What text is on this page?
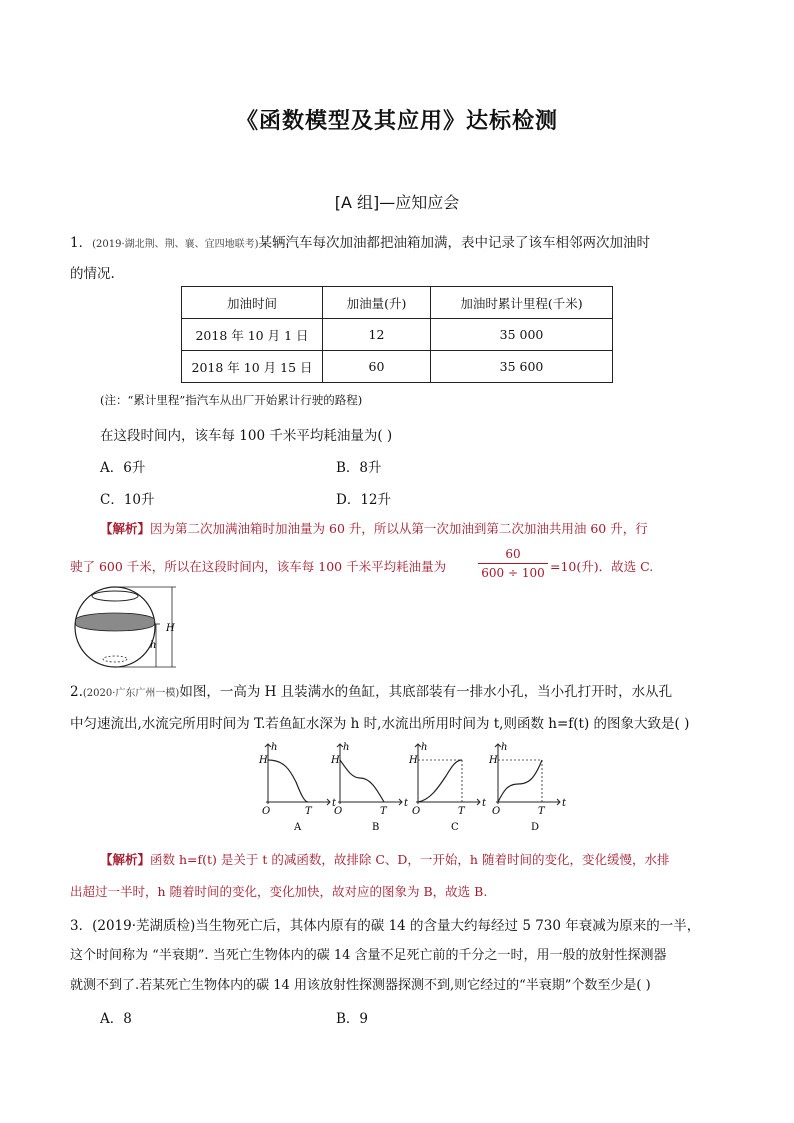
《函数模型及其应用》达标检测
[A 组]—应知应会
1．(2019·湖北荆、荆、襄、宜四地联考)某辆汽车每次加油都把油箱加满，表中记录了该车相邻两次加油时
的情况.
加油时间	加油量(升)	加油时累计里程(千米)
2018 年 10 月 1 日	12	35 000
2018 年 10 月 15 日	60	35 600
(注：“累计里程”指汽车从出厂开始累计行驶的路程)
在这段时间内，该车每 100 千米平均耗油量为( )
A．6升	B．8升
C．10升	D．12升
【解析】因为第二次加满油箱时加油量为 60 升，所以从第一次加油到第二次加油共用油 60 升，行
驶了 600 千米，所以在这段时间内，该车每 100 千米平均耗油量为
60
600 ÷ 100 =10(升)．故选 C.
H
h
2.(2020·广东广州一模)如图，一高为 H 且装满水的鱼缸，其底部装有一排水小孔，当小孔打开时，水从孔
中匀速流出,水流完所用时间为 T.若鱼缸水深为 h 时,水流出所用时间为 t,则函数 h=f(t) 的图象大致是( )
h
t
H
O	T
A
h
t
H
O	T
B
h
t
H
O	T
C
h
t
H
O	T
D
【解析】函数 h=f(t) 是关于 t 的减函数，故排除 C、D，一开始，h 随着时间的变化，变化缓慢，水排
出超过一半时，h 随着时间的变化，变化加快，故对应的图象为 B，故选 B.
3．(2019·芜湖质检)当生物死亡后，其体内原有的碳 14 的含量大约每经过 5 730 年衰减为原来的一半，
这个时间称为 “半衰期”. 当死亡生物体内的碳 14 含量不足死亡前的千分之一时，用一般的放射性探测器
就测不到了.若某死亡生物体内的碳 14 用该放射性探测器探测不到,则它经过的“半衰期”个数至少是( )
A．8	B．9
